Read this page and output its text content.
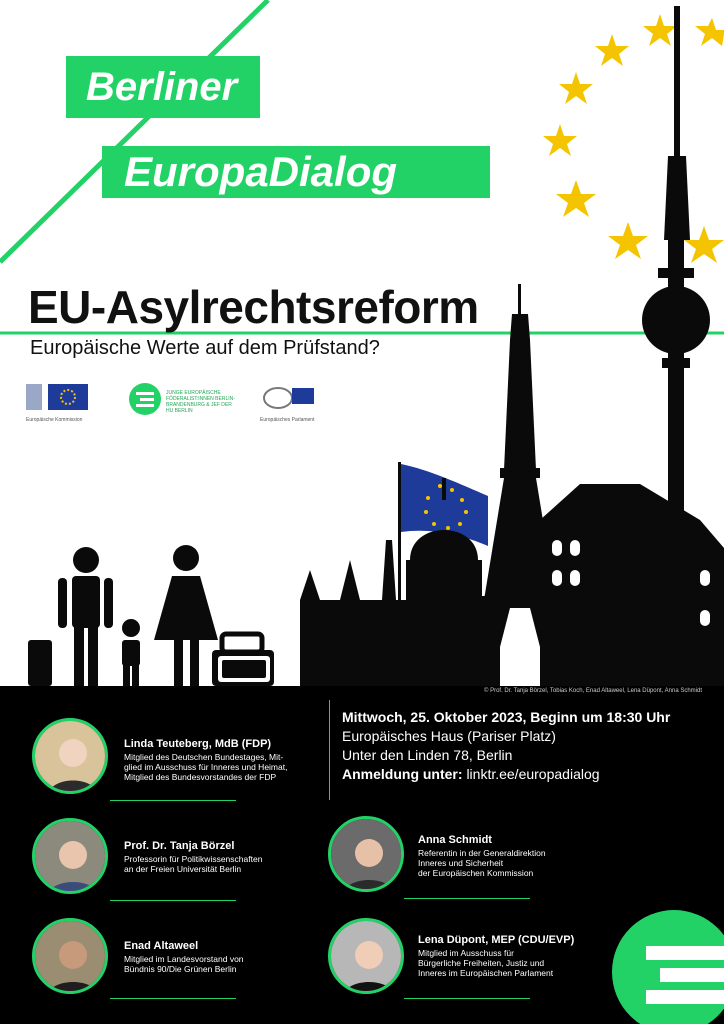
Berliner
EuropaDialog
EU-Asylrechtsreform
Europäische Werte auf dem Prüfstand?
Europäische Kommission
JUNGE EUROPÄISCHE FÖDERALIST:INNEN BERLIN-BRANDENBURG & JEF DER HU BERLIN
Europäisches Parlament
© Prof. Dr. Tanja Börzel, Tobias Koch, Enad Altaweel, Lena Düpont, Anna Schmidt
Mittwoch, 25. Oktober 2023, Beginn um 18:30 Uhr
Europäisches Haus (Pariser Platz)
Unter den Linden 78, Berlin
Anmeldung unter: linktr.ee/europadialog
Linda Teuteberg, MdB (FDP)
Mitglied des Deutschen Bundestages, Mit-
glied im Ausschuss für Inneres und Heimat,
Mitglied des Bundesvorstandes der FDP
Prof. Dr. Tanja Börzel
Professorin für Politikwissenschaften
an der Freien Universität Berlin
Enad Altaweel
Mitglied im Landesvorstand von
Bündnis 90/Die Grünen Berlin
Anna Schmidt
Referentin in der Generaldirektion
Inneres und Sicherheit
der Europäischen Kommission
Lena Düpont, MEP (CDU/EVP)
Mitglied im Ausschuss für
Bürgerliche Freiheiten, Justiz und
Inneres im Europäischen Parlament
